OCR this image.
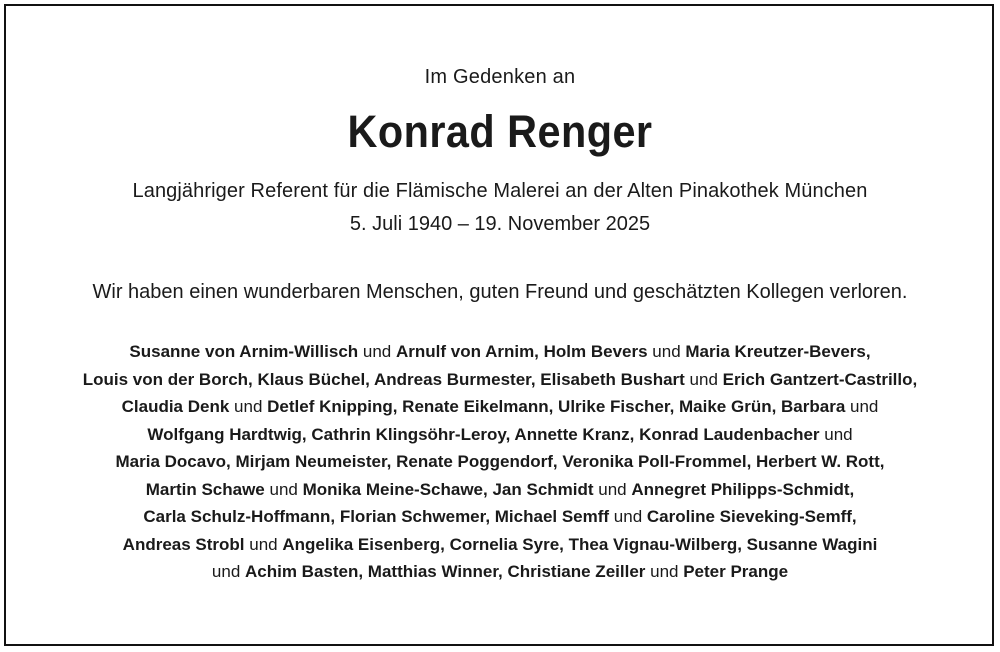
Im Gedenken an
Konrad Renger
Langjähriger Referent für die Flämische Malerei an der Alten Pinakothek München
5. Juli 1940 – 19. November 2025
Wir haben einen wunderbaren Menschen, guten Freund und geschätzten Kollegen verloren.
Susanne von Arnim-Willisch und Arnulf von Arnim, Holm Bevers und Maria Kreutzer-Bevers,
Louis von der Borch, Klaus Büchel, Andreas Burmester, Elisabeth Bushart und Erich Gantzert-Castrillo,
Claudia Denk und Detlef Knipping, Renate Eikelmann, Ulrike Fischer, Maike Grün, Barbara und
Wolfgang Hardtwig, Cathrin Klingsöhr-Leroy, Annette Kranz, Konrad Laudenbacher und
Maria Docavo, Mirjam Neumeister, Renate Poggendorf, Veronika Poll-Frommel, Herbert W. Rott,
Martin Schawe und Monika Meine-Schawe, Jan Schmidt und Annegret Philipps-Schmidt,
Carla Schulz-Hoffmann, Florian Schwemer, Michael Semff und Caroline Sieveking-Semff,
Andreas Strobl und Angelika Eisenberg, Cornelia Syre, Thea Vignau-Wilberg, Susanne Wagini
und Achim Basten, Matthias Winner, Christiane Zeiller und Peter Prange
